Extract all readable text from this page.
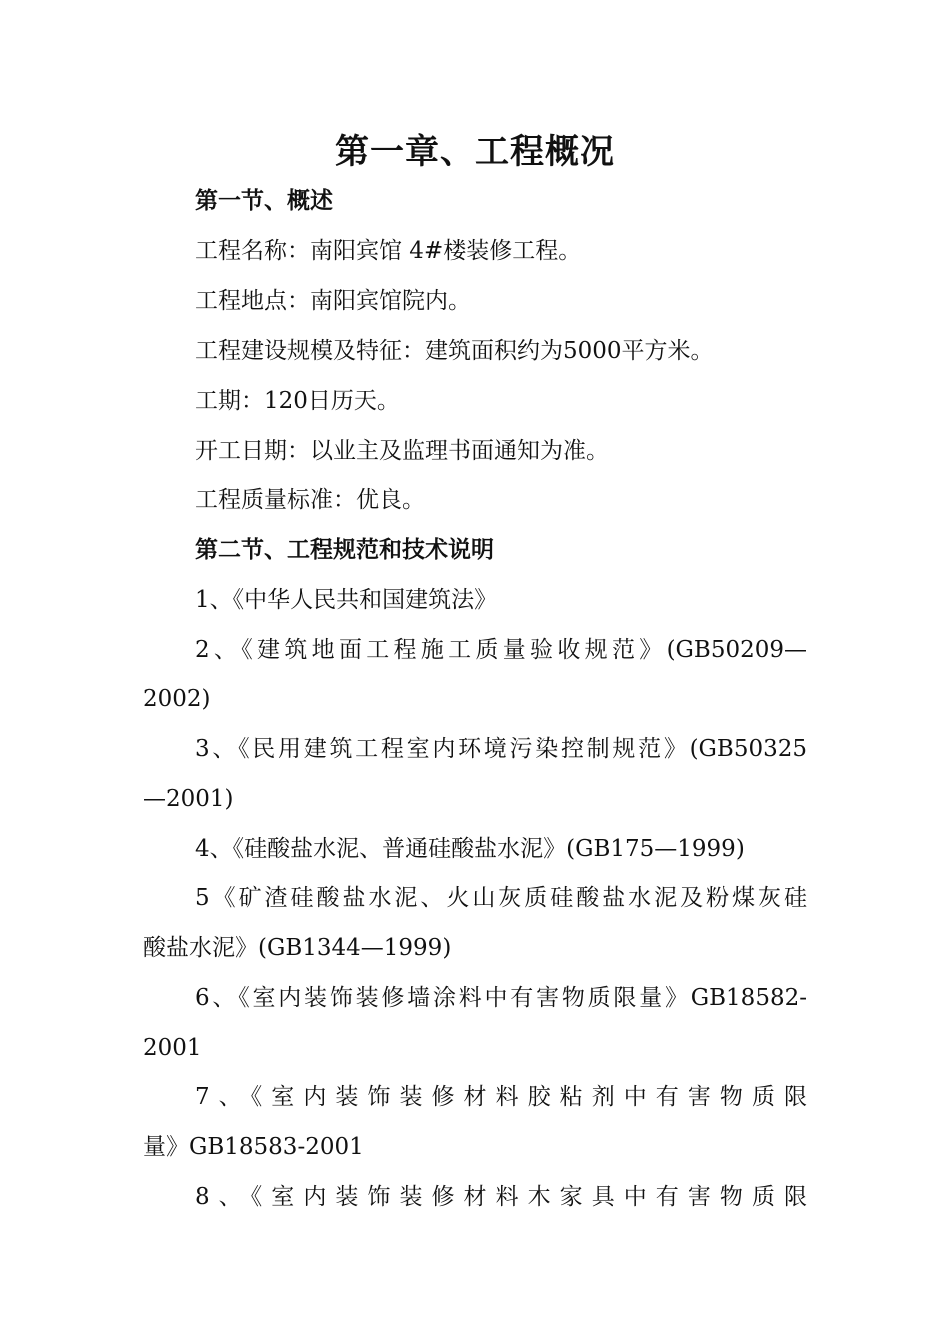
第一章、工程概况
第一节、概述
工程名称：南阳宾馆 4#楼装修工程。
工程地点：南阳宾馆院内。
工程建设规模及特征：建筑面积约为5000平方米。
工期：120日历天。
开工日期：以业主及监理书面通知为准。
工程质量标准：优良。
第二节、工程规范和技术说明
1、《中华人民共和国建筑法》
2、《建筑地面工程施工质量验收规范》(GB50209—
2002)
3、《民用建筑工程室内环境污染控制规范》(GB50325
—2001)
4、《硅酸盐水泥、普通硅酸盐水泥》(GB175—1999)
5《矿渣硅酸盐水泥、火山灰质硅酸盐水泥及粉煤灰硅
酸盐水泥》(GB1344—1999)
6、《室内装饰装修墙涂料中有害物质限量》GB18582-
2001
7、《室内装饰装修材料胶粘剂中有害物质限
量》GB18583-2001
8、《室内装饰装修材料木家具中有害物质限
